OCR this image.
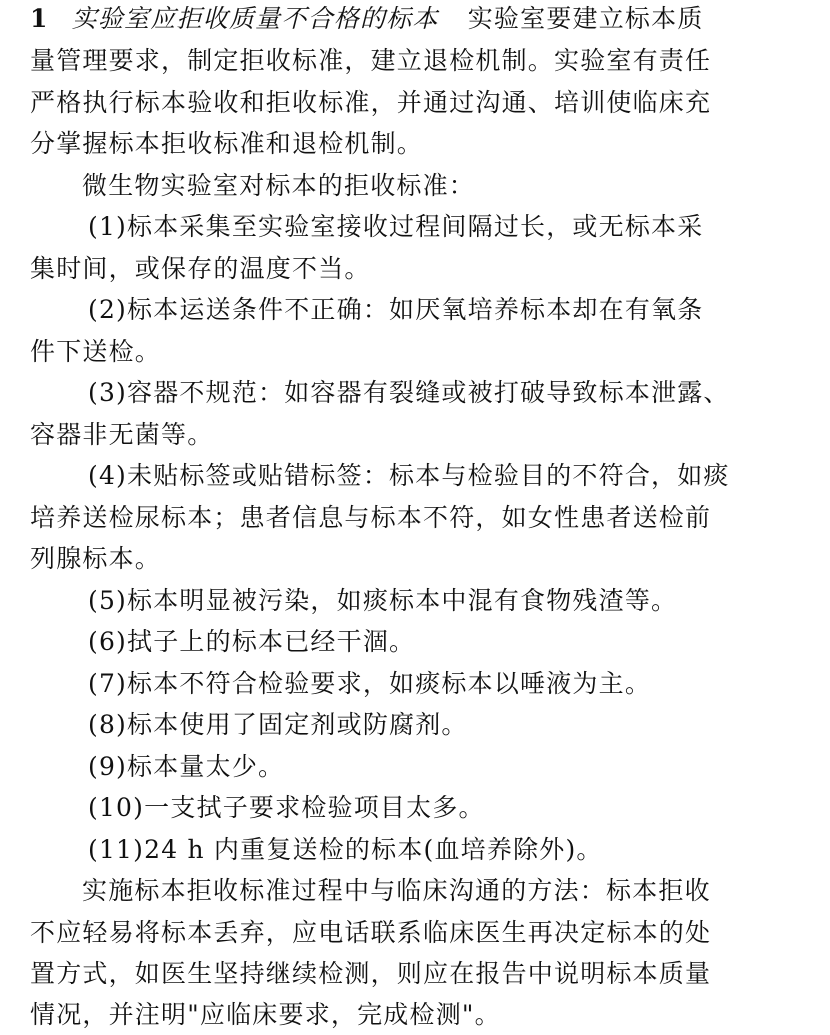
1 实验室应拒收质量不合格的标本 实验室要建立标本质
量管理要求，制定拒收标准，建立退检机制。实验室有责任
严格执行标本验收和拒收标准，并通过沟通、培训使临床充
分掌握标本拒收标准和退检机制。
微生物实验室对标本的拒收标准：
(1)标本采集至实验室接收过程间隔过长，或无标本采
集时间，或保存的温度不当。
(2)标本运送条件不正确：如厌氧培养标本却在有氧条
件下送检。
(3)容器不规范：如容器有裂缝或被打破导致标本泄露、
容器非无菌等。
(4)未贴标签或贴错标签：标本与检验目的不符合，如痰
培养送检尿标本；患者信息与标本不符，如女性患者送检前
列腺标本。
(5)标本明显被污染，如痰标本中混有食物残渣等。
(6)拭子上的标本已经干涸。
(7)标本不符合检验要求，如痰标本以唾液为主。
(8)标本使用了固定剂或防腐剂。
(9)标本量太少。
(10)一支拭子要求检验项目太多。
(11)24 h 内重复送检的标本(血培养除外)。
实施标本拒收标准过程中与临床沟通的方法：标本拒收
不应轻易将标本丢弃，应电话联系临床医生再决定标本的处
置方式，如医生坚持继续检测，则应在报告中说明标本质量
情况，并注明"应临床要求，完成检测"。
